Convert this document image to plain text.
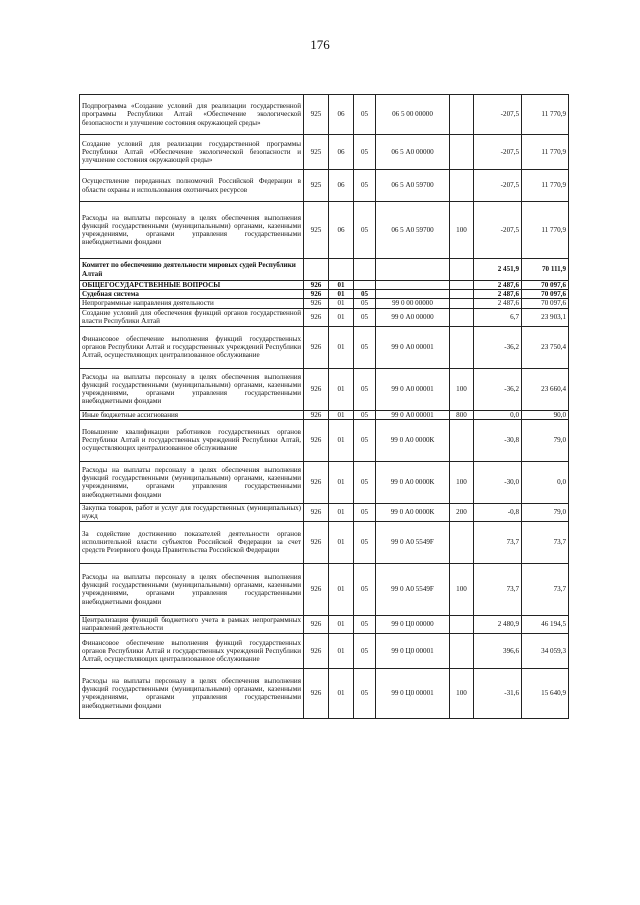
176
Подпрограмма «Создание условий для реализации государственной программы Республики Алтай «Обеспечение экологической безопасности и улучшение состояния окружающей среды»	925	06	05	06 5 00 00000		-207,5	11 770,9
Создание условий для реализации государственной программы Республики Алтай «Обеспечение экологической безопасности и улучшение состояния окружающей среды»	925	06	05	06 5 А0 00000		-207,5	11 770,9
Осуществление переданных полномочий Российской Федерации в области охраны и использования охотничьих ресурсов	925	06	05	06 5 А0 59700		-207,5	11 770,9
Расходы на выплаты персоналу в целях обеспечения выполнения функций государственными (муниципальными) органами, казенными учреждениями, органами управления государственными внебюджетными фондами	925	06	05	06 5 А0 59700	100	-207,5	11 770,9
Комитет по обеспечению деятельности мировых судей Республики Алтай						2 451,9	70 111,9
ОБЩЕГОСУДАРСТВЕННЫЕ ВОПРОСЫ	926	01				2 487,6	70 097,6
Судебная система	926	01	05			2 487,6	70 097,6
Непрограммные направления деятельности	926	01	05	99 0 00 00000		2 487,6	70 097,6
Создание условий для обеспечения функций органов государственной власти Республики Алтай	926	01	05	99 0 А0 00000		6,7	23 903,1
Финансовое обеспечение выполнения функций государственных органов Республики Алтай и государственных учреждений Республики Алтай, осуществляющих централизованное обслуживание	926	01	05	99 0 А0 00001		-36,2	23 750,4
Расходы на выплаты персоналу в целях обеспечения выполнения функций государственными (муниципальными) органами, казенными учреждениями, органами управления государственными внебюджетными фондами	926	01	05	99 0 А0 00001	100	-36,2	23 660,4
Иные бюджетные ассигнования	926	01	05	99 0 А0 00001	800	0,0	90,0
Повышение квалификации работников государственных органов Республики Алтай и государственных учреждений Республики Алтай, осуществляющих централизованное обслуживание	926	01	05	99 0 А0 0000К		-30,8	79,0
Расходы на выплаты персоналу в целях обеспечения выполнения функций государственными (муниципальными) органами, казенными учреждениями, органами управления государственными внебюджетными фондами	926	01	05	99 0 А0 0000К	100	-30,0	0,0
Закупка товаров, работ и услуг для государственных (муниципальных) нужд	926	01	05	99 0 А0 0000К	200	-0,8	79,0
За содействие достижению показателей деятельности органов исполнительной власти субъектов Российской Федерации за счет средств Резервного фонда Правительства Российской Федерации	926	01	05	99 0 А0 5549F		73,7	73,7
Расходы на выплаты персоналу в целях обеспечения выполнения функций государственными (муниципальными) органами, казенными учреждениями, органами управления государственными внебюджетными фондами	926	01	05	99 0 А0 5549F	100	73,7	73,7
Централизация функций бюджетного учета в рамках непрограммных направлений деятельности	926	01	05	99 0 Ц0 00000		2 480,9	46 194,5
Финансовое обеспечение выполнения функций государственных органов Республики Алтай и государственных учреждений Республики Алтай, осуществляющих централизованное обслуживание	926	01	05	99 0 Ц0 00001		396,6	34 059,3
Расходы на выплаты персоналу в целях обеспечения выполнения функций государственными (муниципальными) органами, казенными учреждениями, органами управления государственными внебюджетными фондами	926	01	05	99 0 Ц0 00001	100	-31,6	15 640,9
